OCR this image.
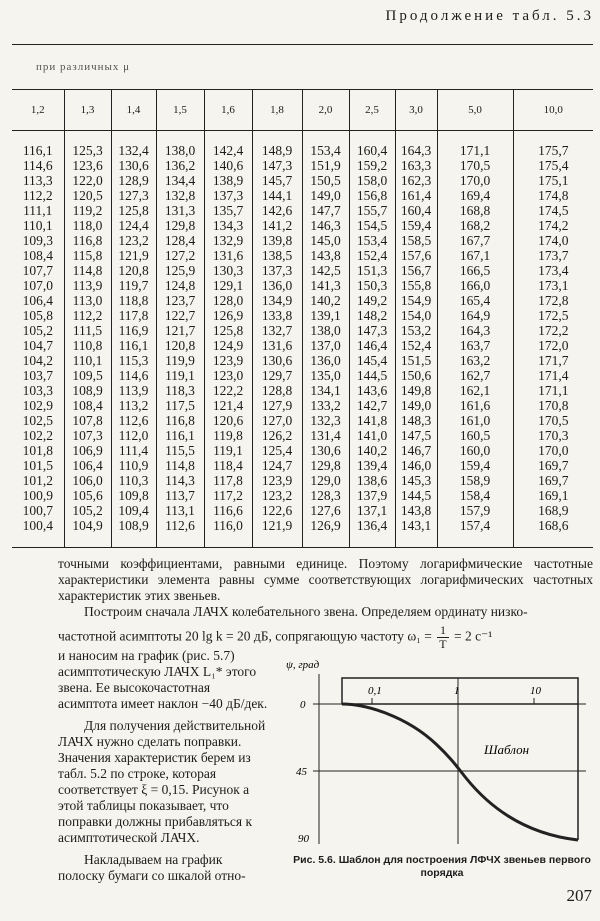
Продолжение табл. 5.3
при различных μ										
1,2	1,3	1,4	1,5	1,6	1,8	2,0	2,5	3,0	5,0	10,0

116,1	125,3	132,4	138,0	142,4	148,9	153,4	160,4	164,3	171,1	175,7
114,6	123,6	130,6	136,2	140,6	147,3	151,9	159,2	163,3	170,5	175,4
113,3	122,0	128,9	134,4	138,9	145,7	150,5	158,0	162,3	170,0	175,1
112,2	120,5	127,3	132,8	137,3	144,1	149,0	156,8	161,4	169,4	174,8
111,1	119,2	125,8	131,3	135,7	142,6	147,7	155,7	160,4	168,8	174,5
110,1	118,0	124,4	129,8	134,3	141,2	146,3	154,5	159,4	168,2	174,2
109,3	116,8	123,2	128,4	132,9	139,8	145,0	153,4	158,5	167,7	174,0
108,4	115,8	121,9	127,2	131,6	138,5	143,8	152,4	157,6	167,1	173,7
107,7	114,8	120,8	125,9	130,3	137,3	142,5	151,3	156,7	166,5	173,4
107,0	113,9	119,7	124,8	129,1	136,0	141,3	150,3	155,8	166,0	173,1
106,4	113,0	118,8	123,7	128,0	134,9	140,2	149,2	154,9	165,4	172,8
105,8	112,2	117,8	122,7	126,9	133,8	139,1	148,2	154,0	164,9	172,5
105,2	111,5	116,9	121,7	125,8	132,7	138,0	147,3	153,2	164,3	172,2
104,7	110,8	116,1	120,8	124,9	131,6	137,0	146,4	152,4	163,7	172,0
104,2	110,1	115,3	119,9	123,9	130,6	136,0	145,4	151,5	163,2	171,7
103,7	109,5	114,6	119,1	123,0	129,7	135,0	144,5	150,6	162,7	171,4
103,3	108,9	113,9	118,3	122,2	128,8	134,1	143,6	149,8	162,1	171,1
102,9	108,4	113,2	117,5	121,4	127,9	133,2	142,7	149,0	161,6	170,8
102,5	107,8	112,6	116,8	120,6	127,0	132,3	141,8	148,3	161,0	170,5
102,2	107,3	112,0	116,1	119,8	126,2	131,4	141,0	147,5	160,5	170,3
101,8	106,9	111,4	115,5	119,1	125,4	130,6	140,2	146,7	160,0	170,0
101,5	106,4	110,9	114,8	118,4	124,7	129,8	139,4	146,0	159,4	169,7
101,2	106,0	110,3	114,3	117,8	123,9	129,0	138,6	145,3	158,9	169,7
100,9	105,6	109,8	113,7	117,2	123,2	128,3	137,9	144,5	158,4	169,1
100,7	105,2	109,4	113,1	116,6	122,6	127,6	137,1	143,8	157,9	168,9
100,4	104,9	108,9	112,6	116,0	121,9	126,9	136,4	143,1	157,4	168,6

точными коэффициентами, равными единице. Поэтому логарифмические частотные характеристики элемента равны сумме соответствующих логарифмических частотных характеристик этих звеньев.

Построим сначала ЛАЧХ колебательного звена. Определяем ординату низко-

частотной асимптоты 20 lg k = 20 дБ, сопрягающую частоту $\omega_1 = \frac{1}{T} = 2$ с⁻¹

и наносим на график (рис. 5.7) асимптотическую ЛАЧХ L₁* этого звена. Ее высокочастотная асимптота имеет наклон −40 дБ/дек.

Для получения действительной ЛАЧХ нужно сделать поправки. Значения характеристик берем из табл. 5.2 по строке, которая соответствует ξ = 0,15. Рисунок а этой таблицы показывает, что поправки должны прибавляться к асимптотической ЛАЧХ.

Накладываем на график полоску бумаги со шкалой отно-

ψ, град
0
45
90
0,1	1	10
Шаблон
Рис. 5.6. Шаблон для построения ЛФЧХ звеньев первого порядка
207
